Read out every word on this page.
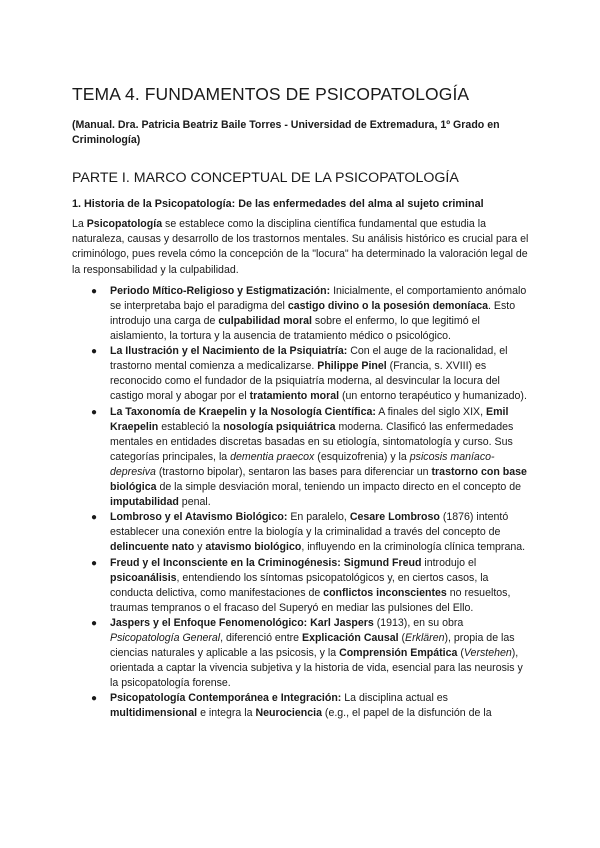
TEMA 4. FUNDAMENTOS DE PSICOPATOLOGÍA

(Manual. Dra. Patricia Beatriz Baile Torres - Universidad de Extremadura, 1º Grado en Criminología)

PARTE I. MARCO CONCEPTUAL DE LA PSICOPATOLOGÍA
1. Historia de la Psicopatología: De las enfermedades del alma al sujeto criminal

La Psicopatología se establece como la disciplina científica fundamental que estudia la naturaleza, causas y desarrollo de los trastornos mentales. Su análisis histórico es crucial para el criminólogo, pues revela cómo la concepción de la "locura" ha determinado la valoración legal de la responsabilidad y la culpabilidad.

● Periodo Mítico-Religioso y Estigmatización: Inicialmente, el comportamiento anómalo se interpretaba bajo el paradigma del castigo divino o la posesión demoníaca. Esto introdujo una carga de culpabilidad moral sobre el enfermo, lo que legitimó el aislamiento, la tortura y la ausencia de tratamiento médico o psicológico.
● La Ilustración y el Nacimiento de la Psiquiatría: Con el auge de la racionalidad, el trastorno mental comienza a medicalizarse. Philippe Pinel (Francia, s. XVIII) es reconocido como el fundador de la psiquiatría moderna, al desvincular la locura del castigo moral y abogar por el tratamiento moral (un entorno terapéutico y humanizado).
● La Taxonomía de Kraepelin y la Nosología Científica: A finales del siglo XIX, Emil Kraepelin estableció la nosología psiquiátrica moderna. Clasificó las enfermedades mentales en entidades discretas basadas en su etiología, sintomatología y curso. Sus categorías principales, la dementia praecox (esquizofrenia) y la psicosis maníaco-depresiva (trastorno bipolar), sentaron las bases para diferenciar un trastorno con base biológica de la simple desviación moral, teniendo un impacto directo en el concepto de imputabilidad penal.
● Lombroso y el Atavismo Biológico: En paralelo, Cesare Lombroso (1876) intentó establecer una conexión entre la biología y la criminalidad a través del concepto de delincuente nato y atavismo biológico, influyendo en la criminología clínica temprana.
● Freud y el Inconsciente en la Criminogénesis: Sigmund Freud introdujo el psicoanálisis, entendiendo los síntomas psicopatológicos y, en ciertos casos, la conducta delictiva, como manifestaciones de conflictos inconscientes no resueltos, traumas tempranos o el fracaso del Superyó en mediar las pulsiones del Ello.
● Jaspers y el Enfoque Fenomenológico: Karl Jaspers (1913), en su obra Psicopatología General, diferenció entre Explicación Causal (Erklären), propia de las ciencias naturales y aplicable a las psicosis, y la Comprensión Empática (Verstehen), orientada a captar la vivencia subjetiva y la historia de vida, esencial para las neurosis y la psicopatología forense.
● Psicopatología Contemporánea e Integración: La disciplina actual es multidimensional e integra la Neurociencia (e.g., el papel de la disfunción de la
